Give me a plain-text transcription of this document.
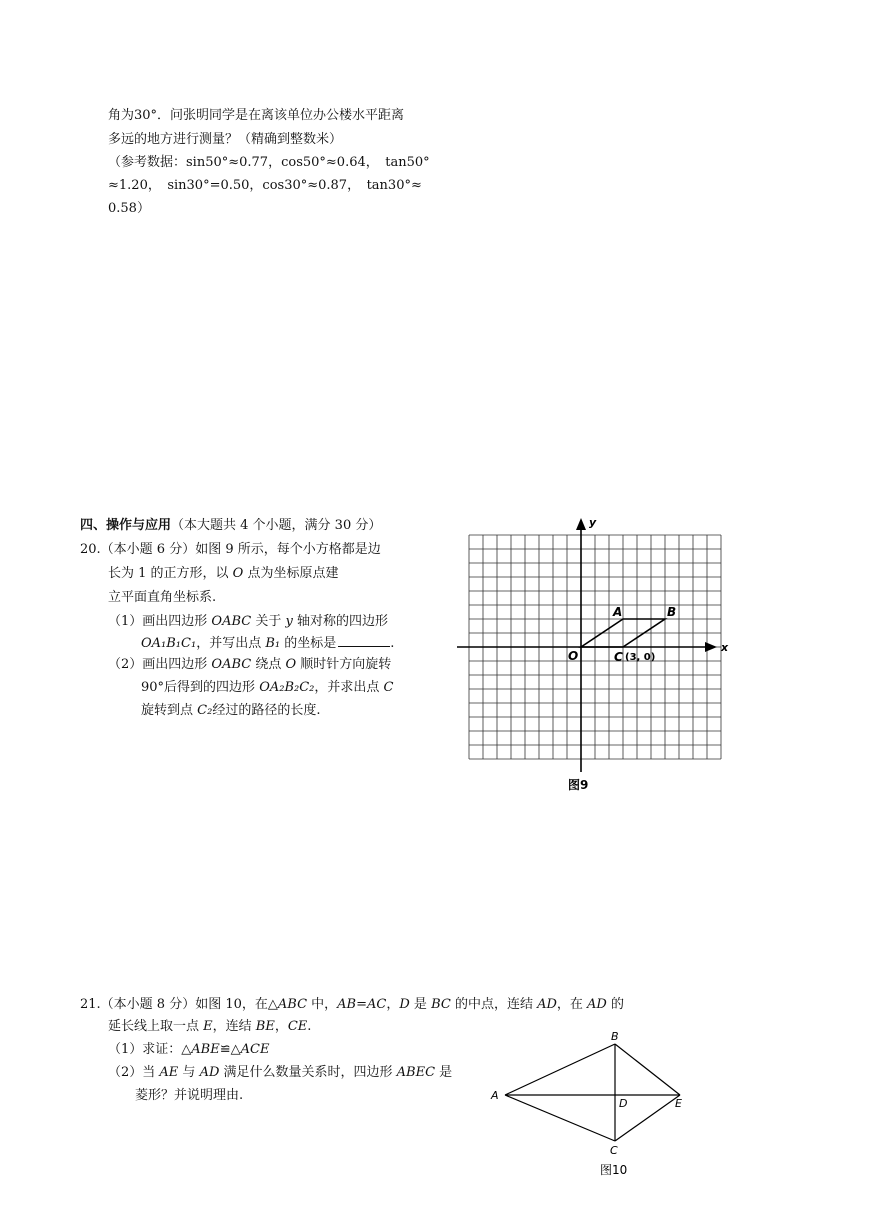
角为30°．问张明同学是在离该单位办公楼水平距离
多远的地方进行测量？（精确到整数米）
（参考数据：sin50°≈0.77，cos50°≈0.64，　tan50°
≈1.20，　sin30°=0.50，cos30°≈0.87，　tan30°≈
0.58）
四、操作与应用（本大题共 4 个小题，满分 30 分）
20.（本小题 6 分）如图 9 所示，每个小方格都是边
长为 1 的正方形，以 O 点为坐标原点建
立平面直角坐标系.
（1）画出四边形 OABC 关于 y 轴对称的四边形
OA₁B₁C₁，并写出点 B₁ 的坐标是	.
（2）画出四边形 OABC 绕点 O 顺时针方向旋转
90°后得到的四边形 OA₂B₂C₂，并求出点 C
旋转到点 C₂经过的路径的长度.
x
y
O
A	B
C (3, 0)
图9
21.（本小题 8 分）如图 10，在△ABC 中，AB=AC，D 是 BC 的中点，连结 AD，在 AD 的
延长线上取一点 E，连结 BE，CE.
（1）求证：△ABE≌△ACE
（2）当 AE 与 AD 满足什么数量关系时，四边形 ABEC 是
菱形？并说明理由.	A
B
C
D	E
图10
